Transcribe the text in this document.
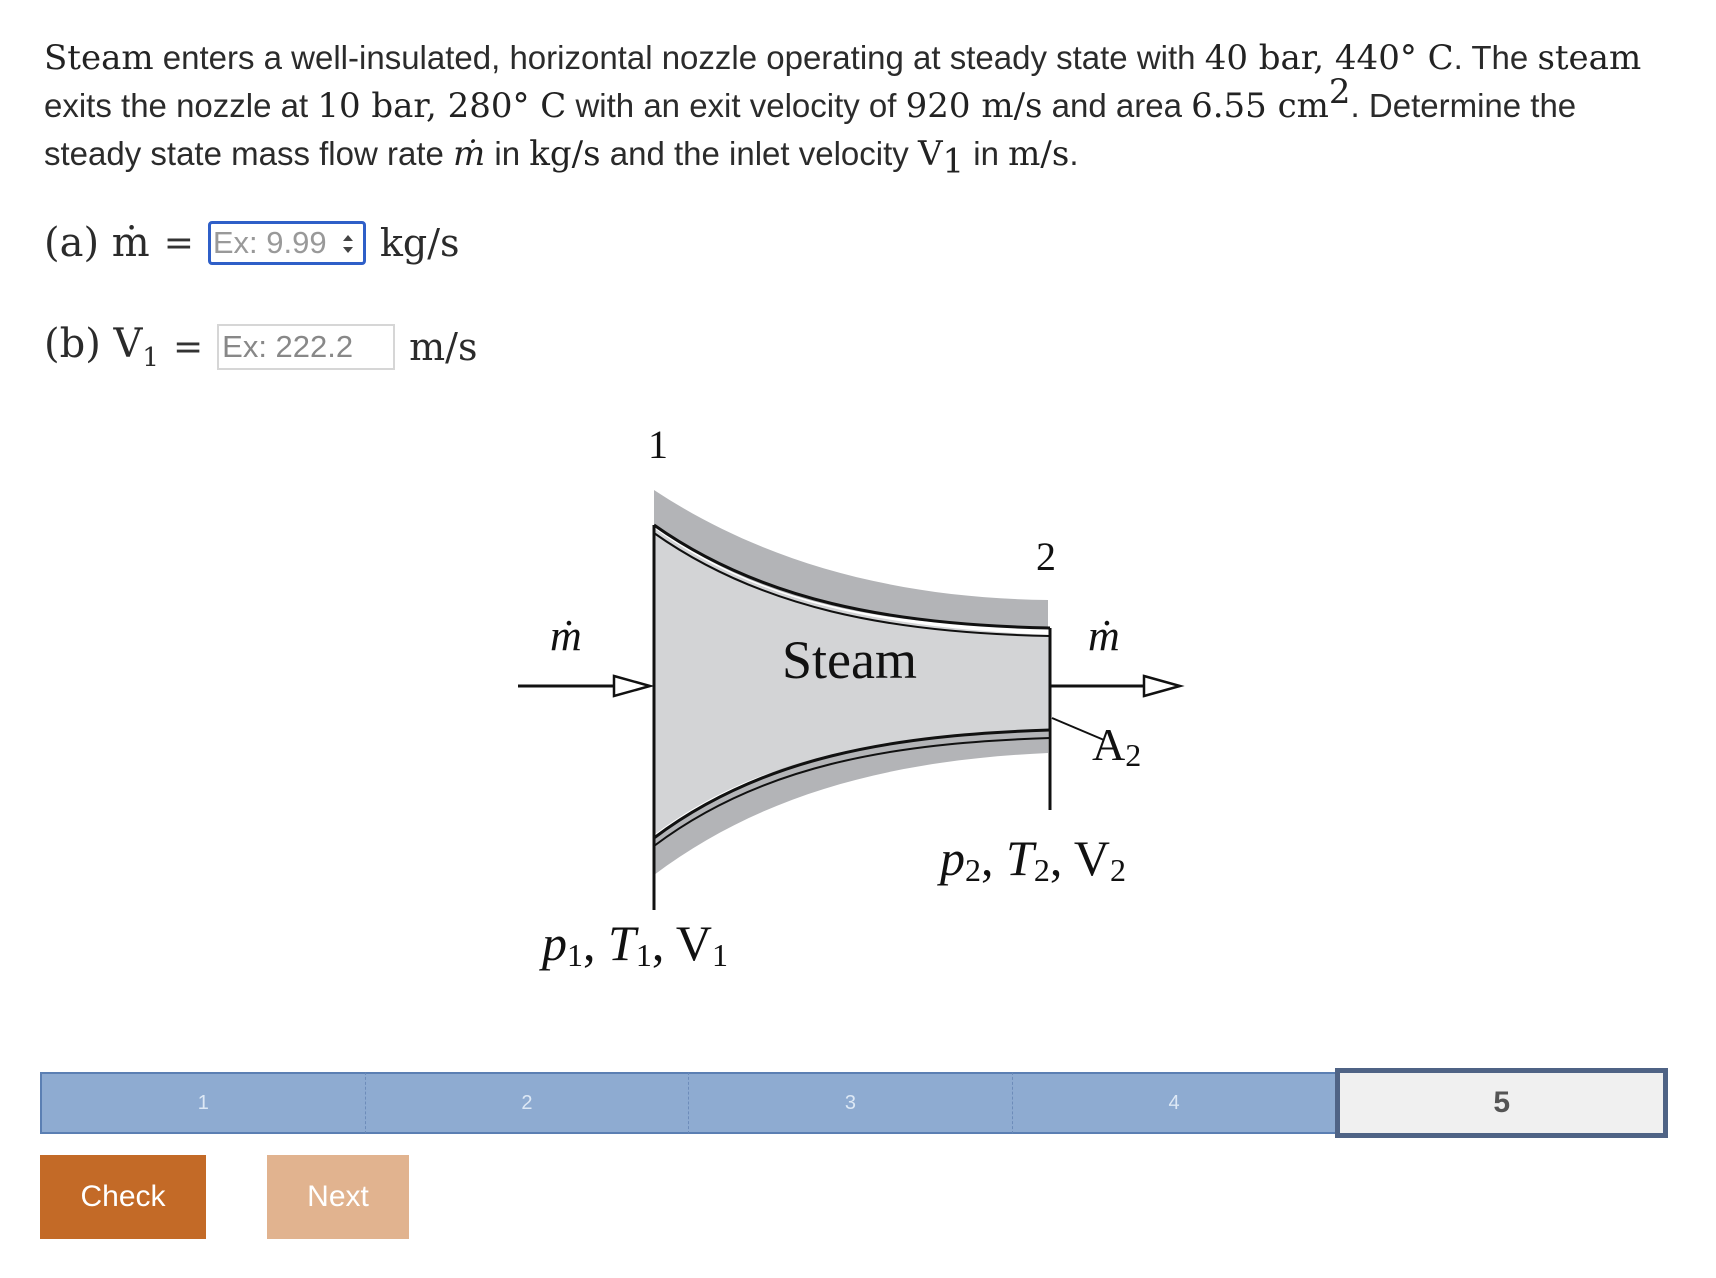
Steam enters a well-insulated, horizontal nozzle operating at steady state with 40 bar, 440° C. The steam exits the nozzle at 10 bar, 280° C with an exit velocity of 920 m/s and area 6.55 $cm^2$. Determine the steady state mass flow rate ṁ in kg/s and the inlet velocity $V_1$ in m/s.
(a) ṁ =
Ex: 9.99	kg/s
(b) $V_1$ =
Ex: 222.2	m/s
1
2
ṁ	ṁ
Steam
A2
p2, T2, V2
p1, T1, V1
1	2	3	4	5
Check	Next
